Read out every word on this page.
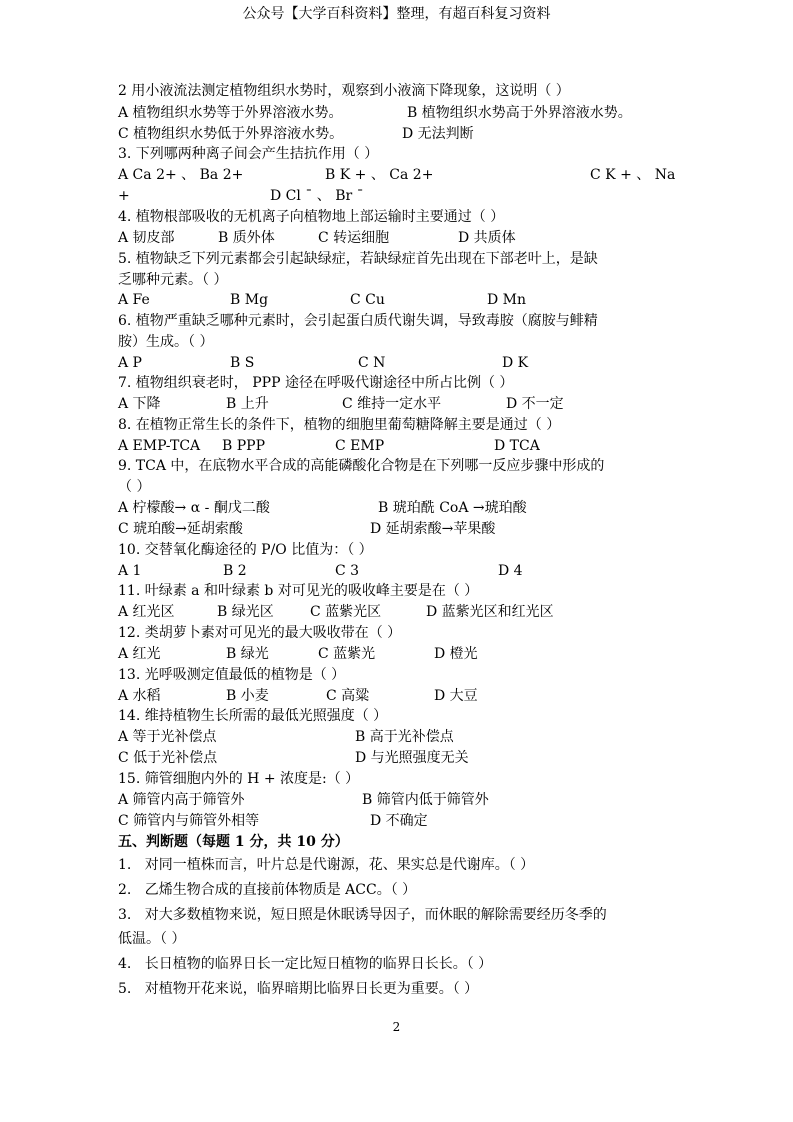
公众号【大学百科资料】整理，有超百科复习资料
2 用小液流法测定植物组织水势时，观察到小液滴下降现象，这说明（ ）
A 植物组织水势等于外界溶液水势。	B 植物组织水势高于外界溶液水势。
C 植物组织水势低于外界溶液水势。	D 无法判断
3. 下列哪两种离子间会产生拮抗作用（ ）
A Ca 2+ 、 Ba 2+	B K + 、 Ca 2+	C K + 、 Na
+	D Cl ¯ 、 Br ¯
4. 植物根部吸收的无机离子向植物地上部运输时主要通过（ ）
A 韧皮部	B 质外体	C 转运细胞	D 共质体
5. 植物缺乏下列元素都会引起缺绿症，若缺绿症首先出现在下部老叶上，是缺
乏哪种元素。（ ）
A Fe	B Mg	C Cu	D Mn
6. 植物严重缺乏哪种元素时，会引起蛋白质代谢失调，导致毒胺（腐胺与鲱精
胺）生成。（ ）
A P	B S	C N	D K
7. 植物组织衰老时， PPP 途径在呼吸代谢途径中所占比例（ ）
A 下降	B 上升	C 维持一定水平	D 不一定
8. 在植物正常生长的条件下，植物的细胞里葡萄糖降解主要是通过（ ）
A EMP-TCA B PPP	C EMP	D TCA
9. TCA 中，在底物水平合成的高能磷酸化合物是在下列哪一反应步骤中形成的
（ ）
A 柠檬酸→ α - 酮戊二酸	B 琥珀酰 CoA →琥珀酸
C 琥珀酸→延胡索酸	D 延胡索酸→苹果酸
10. 交替氧化酶途径的 P/O 比值为：（ ）
A 1	B 2	C 3	D 4
11. 叶绿素 a 和叶绿素 b 对可见光的吸收峰主要是在（ ）
A 红光区	B 绿光区	C 蓝紫光区	D 蓝紫光区和红光区
12. 类胡萝卜素对可见光的最大吸收带在（ ）
A 红光	B 绿光	C 蓝紫光	D 橙光
13. 光呼吸测定值最低的植物是（ ）
A 水稻	B 小麦	C 高粱	D 大豆
14. 维持植物生长所需的最低光照强度（ ）
A 等于光补偿点	B 高于光补偿点
C 低于光补偿点	D 与光照强度无关
15. 筛管细胞内外的 H + 浓度是:（ ）
A 筛管内高于筛管外	B 筛管内低于筛管外
C 筛管内与筛管外相等	D 不确定
五、判断题（每题 1 分，共 10 分）
1.   对同一植株而言，叶片总是代谢源，花、果实总是代谢库。（ ）
2.   乙烯生物合成的直接前体物质是 ACC。（ ）
3.   对大多数植物来说，短日照是休眠诱导因子，而休眠的解除需要经历冬季的
低温。（ ）
4.   长日植物的临界日长一定比短日植物的临界日长长。（ ）
5.   对植物开花来说，临界暗期比临界日长更为重要。（ ）
2
